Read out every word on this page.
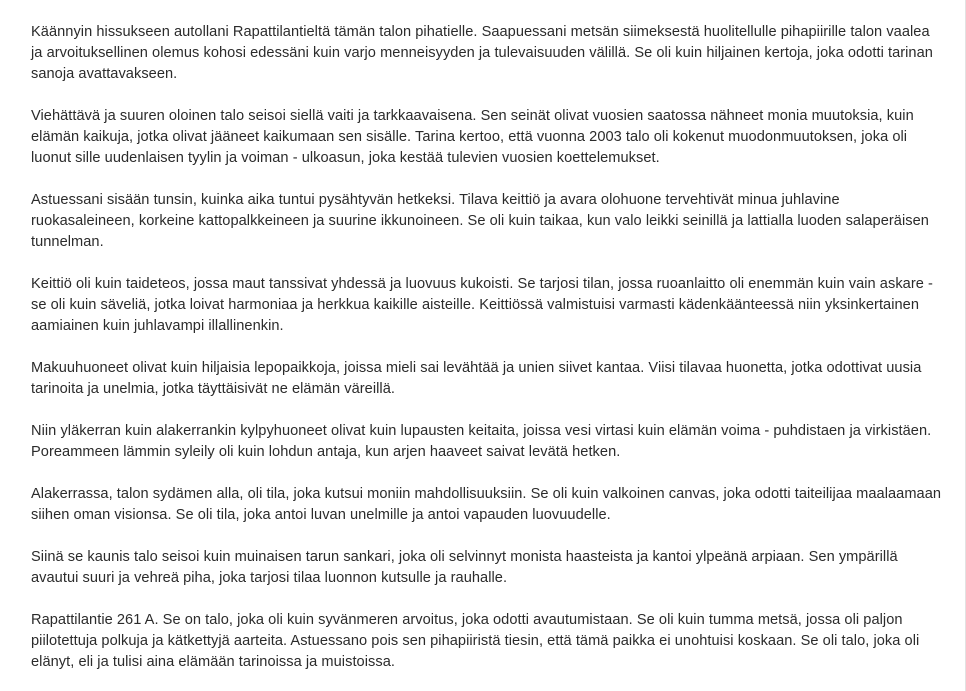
Käännyin hissukseen autollani Rapattilantieltä tämän talon pihatielle. Saapuessani metsän siimeksestä huolitellulle pihapiirille talon vaalea ja arvoituksellinen olemus kohosi edessäni kuin varjo menneisyyden ja tulevaisuuden välillä. Se oli kuin hiljainen kertoja, joka odotti tarinan sanoja avattavakseen.

Viehättävä ja suuren oloinen talo seisoi siellä vaiti ja tarkkaavaisena. Sen seinät olivat vuosien saatossa nähneet monia muutoksia, kuin elämän kaikuja, jotka olivat jääneet kaikumaan sen sisälle. Tarina kertoo, että vuonna 2003 talo oli kokenut muodonmuutoksen, joka oli luonut sille uudenlaisen tyylin ja voiman - ulkoasun, joka kestää tulevien vuosien koettelemukset.

Astuessani sisään tunsin, kuinka aika tuntui pysähtyvän hetkeksi. Tilava keittiö ja avara olohuone tervehtivät minua juhlavine ruokasaleineen, korkeine kattopalkkeineen ja suurine ikkunoineen. Se oli kuin taikaa, kun valo leikki seinillä ja lattialla luoden salaperäisen tunnelman.

Keittiö oli kuin taideteos, jossa maut tanssivat yhdessä ja luovuus kukoisti. Se tarjosi tilan, jossa ruoanlaitto oli enemmän kuin vain askare - se oli kuin säveliä, jotka loivat harmoniaa ja herkkua kaikille aisteille. Keittiössä valmistuisi varmasti kädenkäänteessä niin yksinkertainen aamiainen kuin juhlavampi illallinenkin.

Makuuhuoneet olivat kuin hiljaisia lepopaikkoja, joissa mieli sai levähtää ja unien siivet kantaa. Viisi tilavaa huonetta, jotka odottivat uusia tarinoita ja unelmia, jotka täyttäisivät ne elämän väreillä.

Niin yläkerran kuin alakerrankin kylpyhuoneet olivat kuin lupausten keitaita, joissa vesi virtasi kuin elämän voima - puhdistaen ja virkistäen. Poreammeen lämmin syleily oli kuin lohdun antaja, kun arjen haaveet saivat levätä hetken.

Alakerrassa, talon sydämen alla, oli tila, joka kutsui moniin mahdollisuuksiin. Se oli kuin valkoinen canvas, joka odotti taiteilijaa maalaamaan siihen oman visionsa. Se oli tila, joka antoi luvan unelmille ja antoi vapauden luovuudelle.

Siinä se kaunis talo seisoi kuin muinaisen tarun sankari, joka oli selvinnyt monista haasteista ja kantoi ylpeänä arpiaan. Sen ympärillä avautui suuri ja vehreä piha, joka tarjosi tilaa luonnon kutsulle ja rauhalle.

Rapattilantie 261 A. Se on talo, joka oli kuin syvänmeren arvoitus, joka odotti avautumistaan. Se oli kuin tumma metsä, jossa oli paljon piilotettuja polkuja ja kätkettyjä aarteita. Astuessano pois sen pihapiiristä tiesin, että tämä paikka ei unohtuisi koskaan. Se oli talo, joka oli elänyt, eli ja tulisi aina elämään tarinoissa ja muistoissa.
